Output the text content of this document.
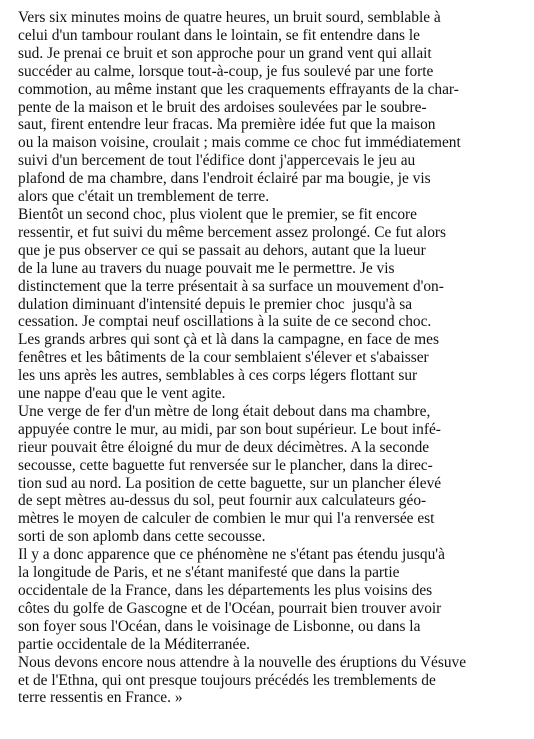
Vers six minutes moins de quatre heures, un bruit sourd, semblable à
celui d'un tambour roulant dans le lointain, se fit entendre dans le
sud. Je prenai ce bruit et son approche pour un grand vent qui allait
succéder au calme, lorsque tout-à-coup, je fus soulevé par une forte
commotion, au même instant que les craquements effrayants de la char-
pente de la maison et le bruit des ardoises soulevées par le soubre-
saut, firent entendre leur fracas. Ma première idée fut que la maison
ou la maison voisine, croulait ; mais comme ce choc fut immédiatement
suivi d'un bercement de tout l'édifice dont j'appercevais le jeu au
plafond de ma chambre, dans l'endroit éclairé par ma bougie, je vis
alors que c'était un tremblement de terre.
Bientôt un second choc, plus violent que le premier, se fit encore
ressentir, et fut suivi du même bercement assez prolongé. Ce fut alors
que je pus observer ce qui se passait au dehors, autant que la lueur
de la lune au travers du nuage pouvait me le permettre. Je vis
distinctement que la terre présentait à sa surface un mouvement d'on-
dulation diminuant d'intensité depuis le premier choc  jusqu'à sa
cessation. Je comptai neuf oscillations à la suite de ce second choc.
Les grands arbres qui sont çà et là dans la campagne, en face de mes
fenêtres et les bâtiments de la cour semblaient s'élever et s'abaisser
les uns après les autres, semblables à ces corps légers flottant sur
une nappe d'eau que le vent agite.
Une verge de fer d'un mètre de long était debout dans ma chambre,
appuyée contre le mur, au midi, par son bout supérieur. Le bout infé-
rieur pouvait être éloigné du mur de deux décimètres. A la seconde
secousse, cette baguette fut renversée sur le plancher, dans la direc-
tion sud au nord. La position de cette baguette, sur un plancher élevé
de sept mètres au-dessus du sol, peut fournir aux calculateurs géo-
mètres le moyen de calculer de combien le mur qui l'a renversée est
sorti de son aplomb dans cette secousse.
Il y a donc apparence que ce phénomène ne s'étant pas étendu jusqu'à
la longitude de Paris, et ne s'étant manifesté que dans la partie
occidentale de la France, dans les départements les plus voisins des
côtes du golfe de Gascogne et de l'Océan, pourrait bien trouver avoir
son foyer sous l'Océan, dans le voisinage de Lisbonne, ou dans la
partie occidentale de la Méditerranée.
Nous devons encore nous attendre à la nouvelle des éruptions du Vésuve
et de l'Ethna, qui ont presque toujours précédés les tremblements de
terre ressentis en France. »
